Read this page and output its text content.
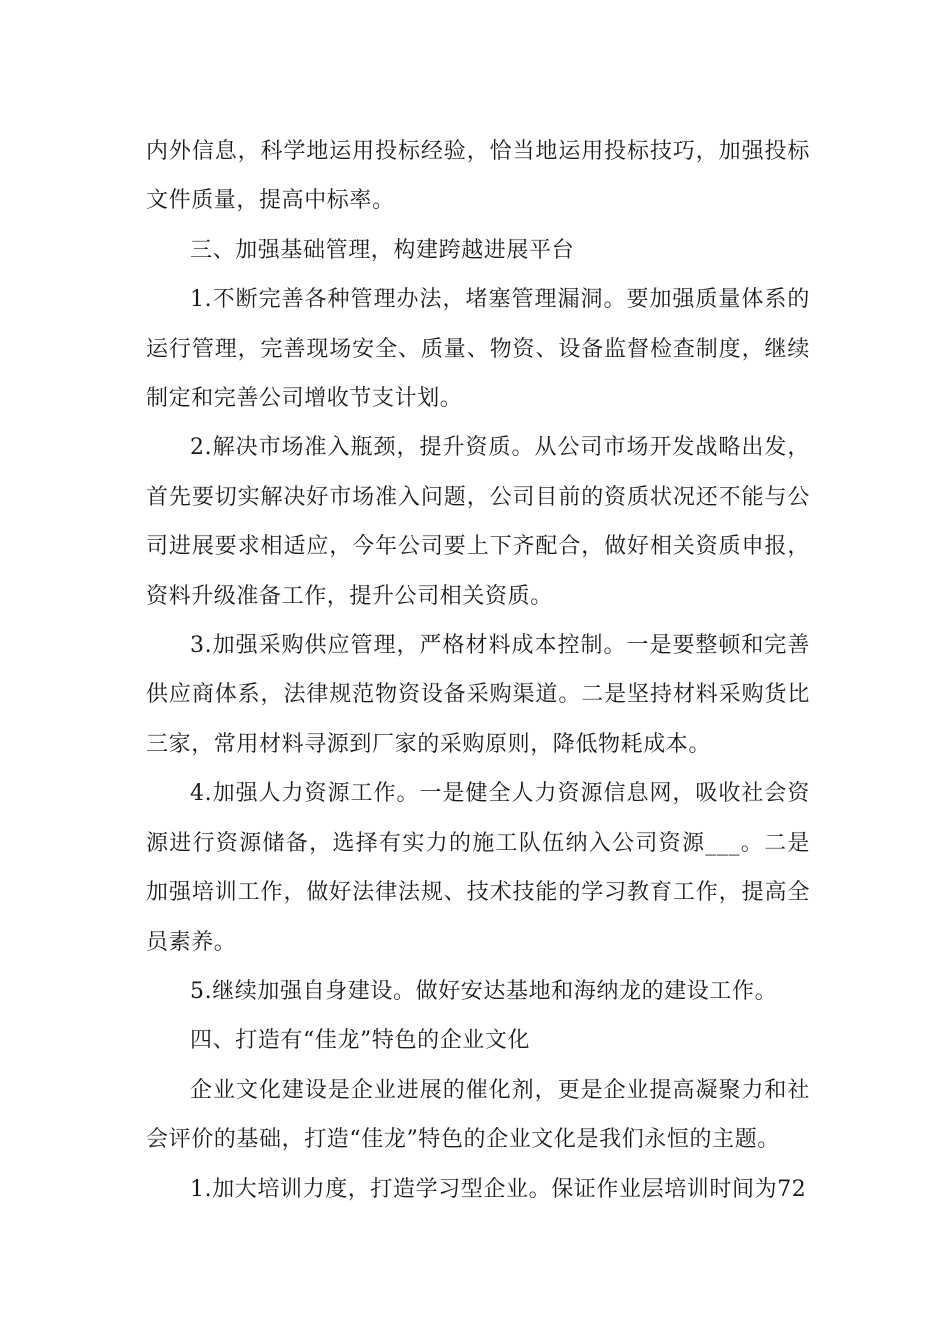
内外信息，科学地运用投标经验，恰当地运用投标技巧，加强投标文件质量，提高中标率。

三、加强基础管理，构建跨越进展平台

1.不断完善各种管理办法，堵塞管理漏洞。要加强质量体系的运行管理，完善现场安全、质量、物资、设备监督检查制度，继续制定和完善公司增收节支计划。

2.解决市场准入瓶颈，提升资质。从公司市场开发战略出发，首先要切实解决好市场准入问题，公司目前的资质状况还不能与公司进展要求相适应，今年公司要上下齐配合，做好相关资质申报，资料升级准备工作，提升公司相关资质。

3.加强采购供应管理，严格材料成本控制。一是要整顿和完善供应商体系，法律规范物资设备采购渠道。二是坚持材料采购货比三家，常用材料寻源到厂家的采购原则，降低物耗成本。

4.加强人力资源工作。一是健全人力资源信息网，吸收社会资源进行资源储备，选择有实力的施工队伍纳入公司资源___。二是加强培训工作，做好法律法规、技术技能的学习教育工作，提高全员素养。

5.继续加强自身建设。做好安达基地和海纳龙的建设工作。

四、打造有“佳龙”特色的企业文化

企业文化建设是企业进展的催化剂，更是企业提高凝聚力和社会评价的基础，打造“佳龙”特色的企业文化是我们永恒的主题。

1.加大培训力度，打造学习型企业。保证作业层培训时间为72
